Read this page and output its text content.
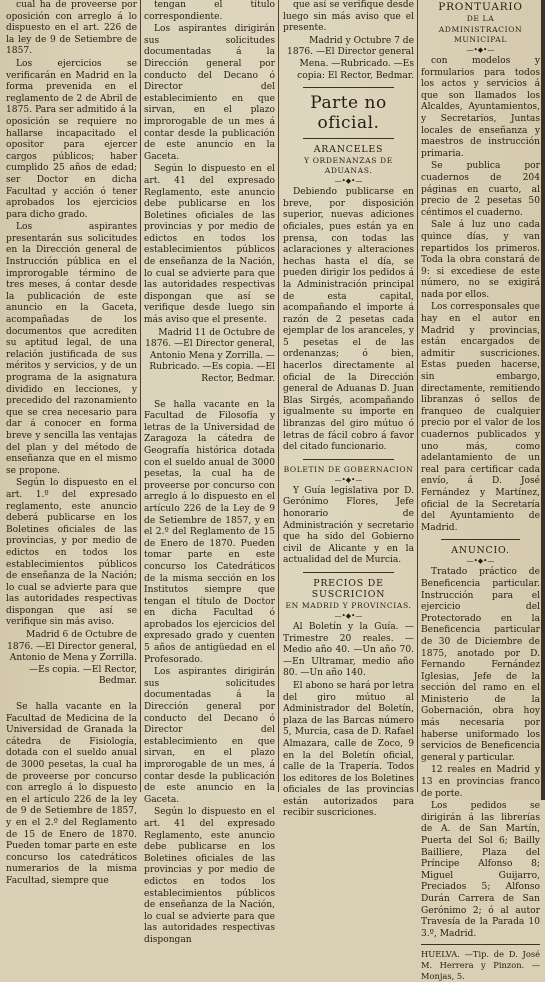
cual ha de proveerse por oposición con arreglo á lo dispuesto en el art. 226 de la ley de 9 de Setiembre de 1857.

Los ejercicios se verificarán en Madrid en la forma prevenida en el reglamento de 2 de Abril de 1875. Para ser admitido á la oposición se requiere no hallarse incapacitado el opositor para ejercer cargos públicos; haber cumplido 25 años de edad; ser Doctor en dicha Facultad y acción ó tener aprobados los ejercicios para dicho grado.

Los aspirantes presentarán sus solicitudes en la Dirección general de Instrucción pública en el improrogable término de tres meses, á contar desde la publicación de este anuncio en la Gaceta, acompañadas de los documentos que acrediten su aptitud legal, de una relación justificada de sus méritos y servicios, y de un programa de la asignatura dividido en lecciones, y precedido del razonamiento que se crea necesario para dar á conocer en forma breve y sencilla las ventajas del plan y del método de enseñanza que en el mismo se propone.

Según lo dispuesto en el art. 1.º del expresado reglamento, este anuncio deberá publicarse en los Boletines oficiales de las provincias, y por medio de edictos en todos los establecimientos públicos de enseñanza de la Nación; lo cual se advierte para que las autoridades respectivas dispongan que así se verifique sin más aviso.

Madrid 6 de Octubre de 1876. —El Director general, Antonio de Mena y Zorrilla. —Es copia. —El Rector, Bedmar.

Se halla vacante en la Facultad de Medicina de la Universidad de Granada la cátedra de Fisiología, dotada con el sueldo anual de 3000 pesetas, la cual ha de proveerse por concurso con arreglo á lo dispuesto en el artículo 226 de la ley de 9 de Setiembre de 1857, y en el 2.º del Reglamento de 15 de Enero de 1870. Pueden tomar parte en este concurso los catedráticos numerarios de la misma Facultad, siempre que

tengan el título correspondiente.

Los aspirantes dirigirán sus solicitudes documentadas á la Dirección general por conducto del Decano ó Director del establecimiento en que sirvan, en el plazo improrogable de un mes á contar desde la publicación de este anuncio en la Gaceta.

Según lo dispuesto en el art. 41 del expresado Reglamento, este anuncio debe publicarse en los Boletines oficiales de las provincias y por medio de edictos en todos los establecimientos públicos de enseñanza de la Nación, lo cual se advierte para que las autoridades respectivas dispongan que así se verifique desde luego sin más aviso que el presente.

Madrid 11 de Octubre de 1876. —El Director general, Antonio Mena y Zorrilla. —Rubricado. —Es copia. —El Rector, Bedmar.

Se halla vacante en la Facultad de Filosofía y letras de la Universidad de Zaragoza la cátedra de Geografía histórica dotada con el sueldo anual de 3000 pesetas, la cual ha de proveerse por concurso con arreglo á lo dispuesto en el artículo 226 de la Ley de 9 de Setiembre de 1857, y en el 2.º del Reglamento de 15 de Enero de 1870. Pueden tomar parte en este concurso los Catedráticos de la misma sección en los Institutos siempre que tengan el título de Doctor en dicha Facultad ó aprobados los ejercicios del expresado grado y cuenten 5 años de antigüedad en el Profesorado.

Los aspirantes dirigirán sus solicitudes documentadas á la Dirección general por conducto del Decano ó Director del establecimiento en que sirvan, en el plazo improrogable de un mes, á contar desde la publicación de este anuncio en la Gaceta.

Según lo dispuesto en el art. 41 del expresado Reglamento, este anuncio debe publicarse en los Boletines oficiales de las provincias y por medio de edictos en todos los establecimientos públicos de enseñanza de la Nación, lo cual se advierte para que las autoridades respectivas dispongan

que así se verifique desde luego sin más aviso que el presente.

Madrid y Octubre 7 de 1876. —El Director general Mena. —Rubricado. —Es copia: El Rector, Bedmar.

Parte no oficial.

ARANCELES

Y ORDENANZAS DE ADUANAS.

—•◆•—

Debiendo publicarse en breve, por disposición superior, nuevas adiciones oficiales, pues están ya en prensa, con todas las aclaraciones y alteraciones hechas hasta el día, se pueden dirigir los pedidos á la Administración principal de esta capital, acompañando el importe á razón de 2 pesetas cada ejemplar de los aranceles, y 5 pesetas el de las ordenanzas; ó bien, hacerlos directamente al oficial de la Dirección general de Aduanas D. Juan Blas Sirgés, acompañando igualmente su importe en libranzas del giro mútuo ó letras de fácil cobro á favor del citado funcionario.

BOLETIN DE GOBERNACION

—•◆•—

Y Guía legislativa por D. Gerónimo Flores, Jefe honorario de Administración y secretario que ha sido del Gobierno civil de Alicante y en la actualidad del de Murcia.

PRECIOS DE SUSCRICION

EN MADRID Y PROVINCIAS.

—•◆•—

Al Boletín y la Guía. —Trimestre 20 reales. —Medio año 40. —Un año 70. —En Ultramar, medio año 80. —Un año 140.

El abono se hará por letra del giro mútuo al Administrador del Boletín, plaza de las Barcas número 5, Murcia, casa de D. Rafael Almazara, calle de Zoco, 9 en la del Boletín oficial, calle de la Trapería. Todos los editores de los Boletines oficiales de las provincias están autorizados para recibir suscriciones.

PRONTUARIO

DE LA

ADMINISTRACION MUNICIPAL

—•◆•—

con modelos y formularios para todos los actos y servicios á que son llamados los Alcaldes, Ayuntamientos, y Secretarios, Juntas locales de enseñanza y maestros de instrucción primaria.

Se publica por cuadernos de 204 páginas en cuarto, al precio de 2 pesetas 50 céntimos el cuaderno.

Sale á luz uno cada quince días, y van repartidos los primeros. Toda la obra constará de 9: si excediese de este número, no se exigirá nada por ellos.

Los corresponsales que hay en el autor en Madrid y provincias, están encargados de admitir suscriciones. Estas pueden hacerse, sin embargo, directamente, remitiendo libranzas ó sellos de franqueo de cualquier precio por el valor de los cuadernos publicados y uno más, como adelantamiento de un real para certificar cada envío, á D. José Fernández y Martínez, oficial de la Secretaría del Ayuntamiento de Madrid.

ANUNCIO.

—•◆•—

Tratado práctico de Beneficencia particular. Instrucción para el ejercicio del Protectorado en la Beneficencia particular de 30 de Diciembre de 1875, anotado por D. Fernando Fernández Iglesias, Jefe de la sección del ramo en el Ministerio de la Gobernación, obra hoy más necesaria por haberse uniformado los servicios de Beneficencia general y particular.

12 reales en Madrid y 13 en provincias franco de porte.

Los pedidos se dirigirán á las librerías de A. de San Martín, Puerta del Sol 6; Bailly Bailliere, Plaza del Príncipe Alfonso 8; Miguel Guijarro, Preciados 5; Alfonso Durán Carrera de San Gerónimo 2; ó al autor Travesía de la Parada 10 3.º, Madrid.

HUELVA. —Tip. de D. José M. Herrera y Pinzon. —Monjas, 5.
